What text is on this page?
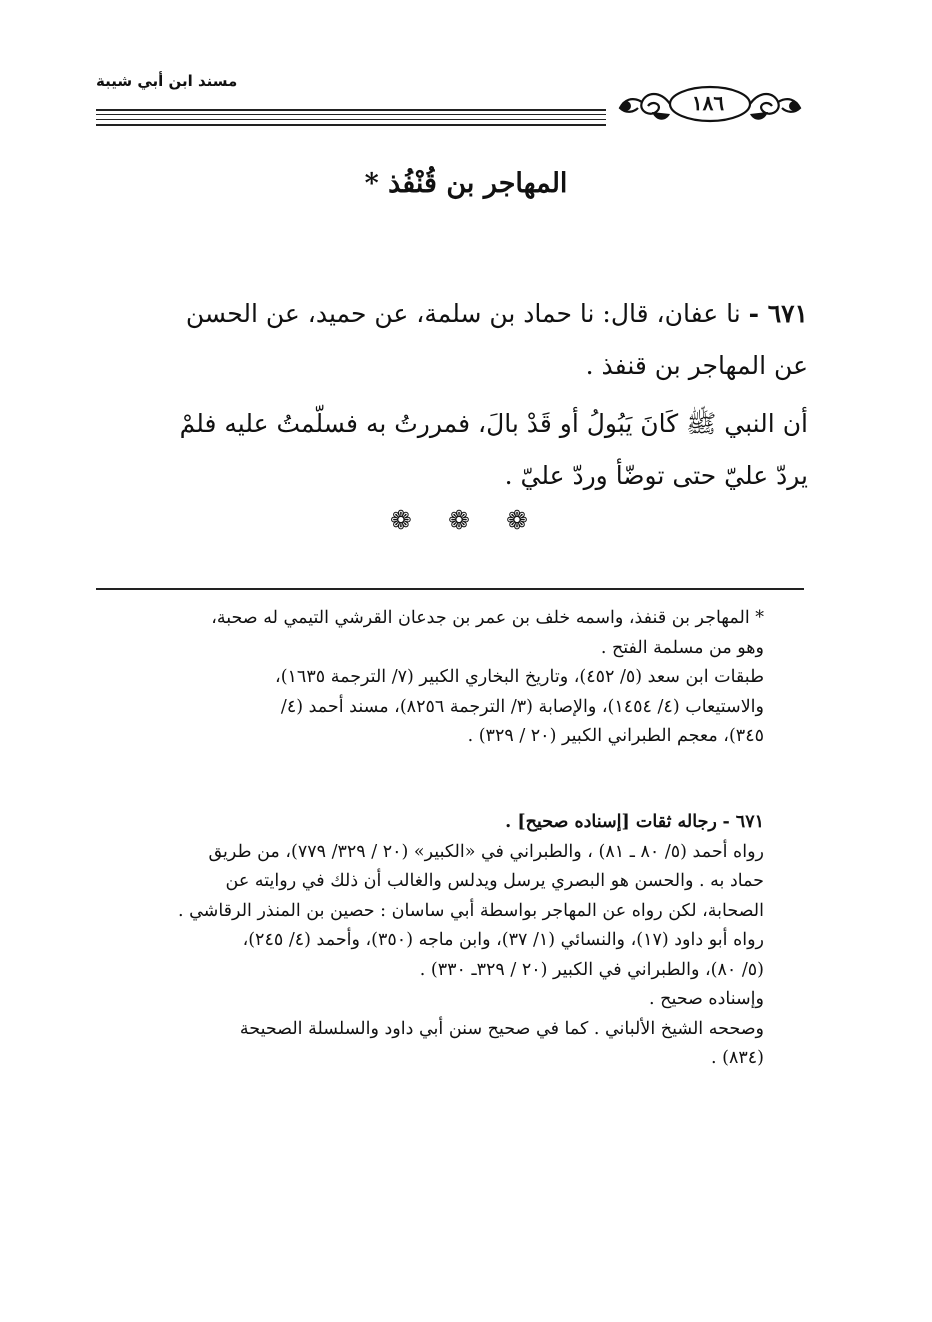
مسند ابن أبي شيبة
١٨٦
المهاجر بن قُنْفُذ *

٦٧١ - نا عفان، قال: نا حماد بن سلمة، عن حميد، عن الحسن

عن المهاجر بن قنفذ .

أن النبي ﷺ كَانَ يَبُولُ أو قَدْ بالَ، فمررتُ به فسلّمتُ عليه فلمْ

يردّ عليّ حتى توضّأ وردّ عليّ .

❁ ❁ ❁

* المهاجر بن قنفذ، واسمه خلف بن عمر بن جدعان القرشي التيمي له صحبة،

وهو من مسلمة الفتح .

طبقات ابن سعد (٥/ ٤٥٢)، وتاريخ البخاري الكبير (٧/ الترجمة ١٦٣٥)،

والاستيعاب (٤/ ١٤٥٤)، والإصابة (٣/ الترجمة ٨٢٥٦)، مسند أحمد (٤/

٣٤٥)، معجم الطبراني الكبير (٢٠ / ٣٢٩) .

٦٧١ - رجاله ثقات [إسناده صحيح] .

رواه أحمد (٥/ ٨٠ ـ ٨١) ، والطبراني في «الكبير» (٢٠ / ٣٢٩/ ٧٧٩)، من طريق

حماد به . والحسن هو البصري يرسل ويدلس والغالب أن ذلك في روايته عن

الصحابة، لكن رواه عن المهاجر بواسطة أبي ساسان : حصين بن المنذر الرقاشي .

رواه أبو داود (١٧)، والنسائي (١/ ٣٧)، وابن ماجه (٣٥٠)، وأحمد (٤/ ٢٤٥)،

(٥/ ٨٠)، والطبراني في الكبير (٢٠ / ٣٢٩ـ ٣٣٠) .

وإسناده صحيح .

وصححه الشيخ الألباني . كما في صحيح سنن أبي داود والسلسلة الصحيحة

(٨٣٤) .
